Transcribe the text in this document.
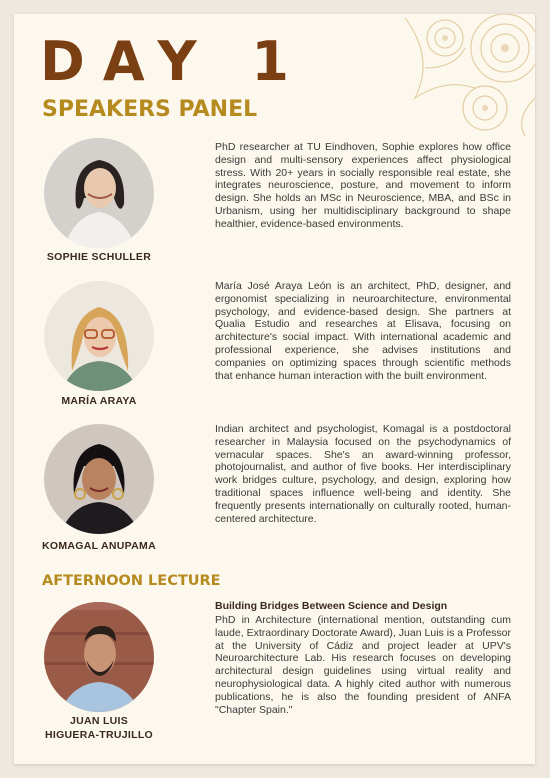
DAY 1
SPEAKERS PANEL
SOPHIE SCHULLER

PhD researcher at TU Eindhoven, Sophie explores how office design and multi-sensory experiences affect physiological stress. With 20+ years in socially responsible real estate, she integrates neuroscience, posture, and movement to inform design. She holds an MSc in Neuroscience, MBA, and BSc in Urbanism, using her multidisciplinary background to shape healthier, evidence-based environments.

MARÍA ARAYA

María José Araya León is an architect, PhD, designer, and ergonomist specializing in neuroarchitecture, environmental psychology, and evidence-based design. She partners at Qualia Estudio and researches at Elisava, focusing on architecture's social impact. With international academic and professional experience, she advises institutions and companies on optimizing spaces through scientific methods that enhance human interaction with the built environment.

KOMAGAL ANUPAMA

Indian architect and psychologist, Komagal is a postdoctoral researcher in Malaysia focused on the psychodynamics of vernacular spaces. She's an award-winning professor, photojournalist, and author of five books. Her interdisciplinary work bridges culture, psychology, and design, exploring how traditional spaces influence well-being and identity. She frequently presents internationally on culturally rooted, human-centered architecture.

AFTERNOON LECTURE
JUAN LUIS
HIGUERA-TRUJILLO
Building Bridges Between Science and Design

PhD in Architecture (international mention, outstanding cum laude, Extraordinary Doctorate Award), Juan Luis is a Professor at the University of Cádiz and project leader at UPV's Neuroarchitecture Lab. His research focuses on developing architectural design guidelines using virtual reality and neurophysiological data. A highly cited author with numerous publications, he is also the founding president of ANFA "Chapter Spain."
